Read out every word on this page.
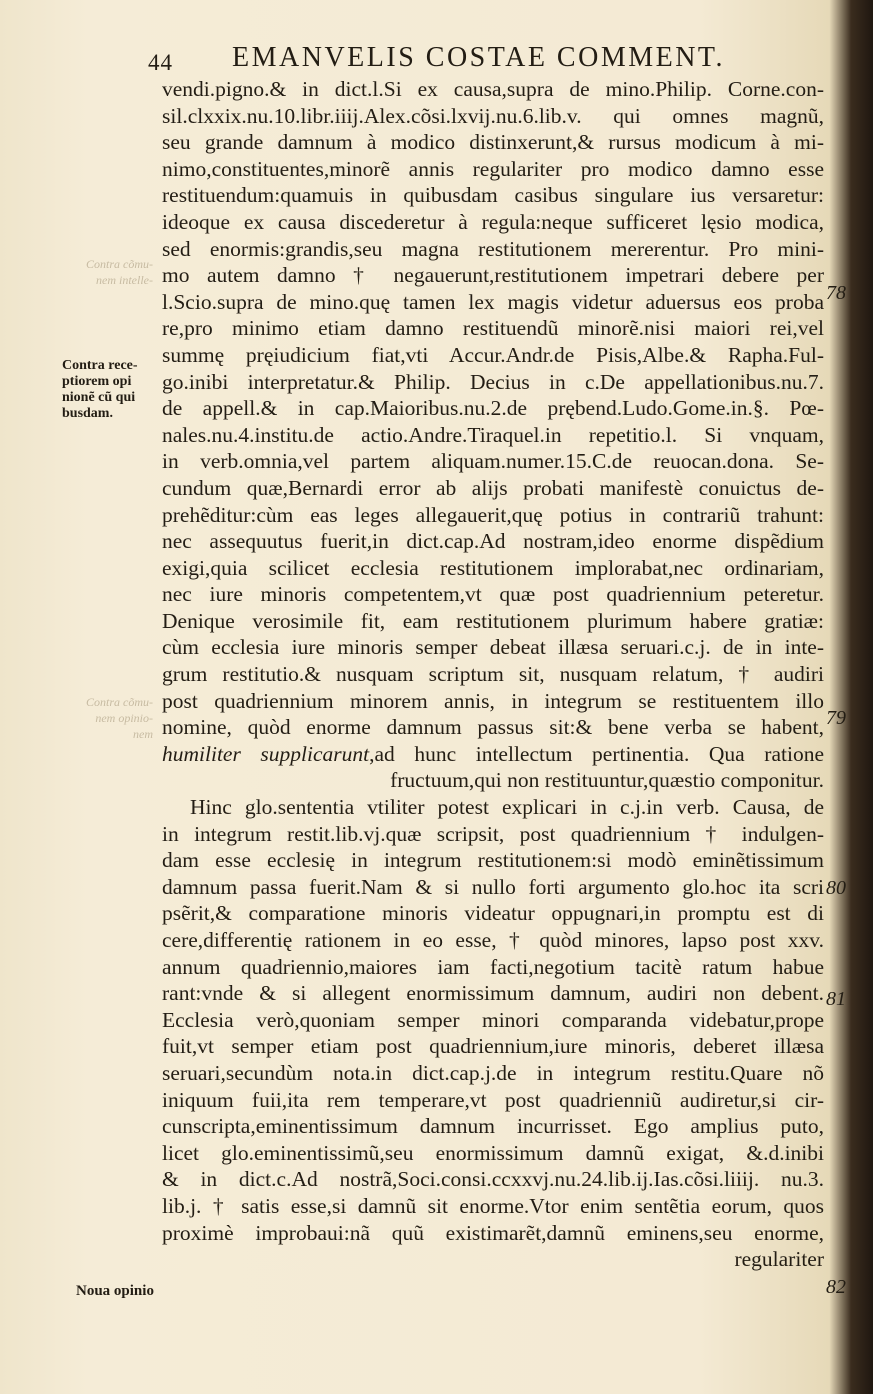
Contra cõmu-nem intelle-
Contra cõmu-nem opinio-nem
44 EMANVELIS COSTAE COMMENT.
vendi.pigno.& in dict.l.Si ex causa,supra de mino.Philip. Corne.con-
sil.clxxix.nu.10.libr.iiij.Alex.cõsi.lxvij.nu.6.lib.v. qui omnes magnũ,
seu grande damnum à modico distinxerunt,& rursus modicum à mi-
nimo,constituentes,minorẽ annis regulariter pro modico damno esse
restituendum:quamuis in quibusdam casibus singulare ius versaretur:
ideoque ex causa discederetur à regula:neque sufficeret lęsio modica,
sed enormis:grandis,seu magna restitutionem mererentur. Pro mini-
mo autem damno † negauerunt,restitutionem impetrari debere per
l.Scio.supra de mino.quę tamen lex magis videtur aduersus eos proba
re,pro minimo etiam damno restituendũ minorẽ.nisi maiori rei,vel
summę pręiudicium fiat,vti Accur.Andr.de Pisis,Albe.& Rapha.Ful-
go.inibi interpretatur.& Philip. Decius in c.De appellationibus.nu.7.
de appell.& in cap.Maioribus.nu.2.de prębend.Ludo.Gome.in.§. Pœ-
nales.nu.4.institu.de actio.Andre.Tiraquel.in repetitio.l. Si vnquam,
in verb.omnia,vel partem aliquam.numer.15.C.de reuocan.dona. Se-
cundum quæ,Bernardi error ab alijs probati manifestè conuictus de-
prehẽditur:cùm eas leges allegauerit,quę potius in contrariũ trahunt:
nec assequutus fuerit,in dict.cap.Ad nostram,ideo enorme dispẽdium
exigi,quia scilicet ecclesia restitutionem implorabat,nec ordinariam,
nec iure minoris competentem,vt quæ post quadriennium peteretur.
Denique verosimile fit, eam restitutionem plurimum habere gratiæ:
cùm ecclesia iure minoris semper debeat illæsa seruari.c.j. de in inte-
grum restitutio.& nusquam scriptum sit, nusquam relatum, † audiri
post quadriennium minorem annis, in integrum se restituentem illo
nomine, quòd enorme damnum passus sit:& bene verba se habent,
humiliter supplicarunt,ad hunc intellectum pertinentia. Qua ratione
fructuum,qui non restituuntur,quæstio componitur.
Hinc glo.sententia vtiliter potest explicari in c.j.in verb. Causa, de
in integrum restit.lib.vj.quæ scripsit, post quadriennium † indulgen-
dam esse ecclesię in integrum restitutionem:si modò eminẽtissimum
damnum passa fuerit.Nam & si nullo forti argumento glo.hoc ita scri
psẽrit,& comparatione minoris videatur oppugnari,in promptu est di
cere,differentię rationem in eo esse, † quòd minores, lapso post xxv.
annum quadriennio,maiores iam facti,negotium tacitè ratum habue
rant:vnde & si allegent enormissimum damnum, audiri non debent.
Ecclesia verò,quoniam semper minori comparanda videbatur,prope
fuit,vt semper etiam post quadriennium,iure minoris, deberet illæsa
seruari,secundùm nota.in dict.cap.j.de in integrum restitu.Quare nõ
iniquum fuii,ita rem temperare,vt post quadrienniũ audiretur,si cir-
cunscripta,eminentissimum damnum incurrisset. Ego amplius puto,
licet glo.eminentissimũ,seu enormissimum damnũ exigat, &.d.inibi
& in dict.c.Ad nostrã,Soci.consi.ccxxvj.nu.24.lib.ij.Ias.cõsi.liiij. nu.3.
lib.j. † satis esse,si damnũ sit enorme.Vtor enim sentẽtia eorum, quos
proximè improbaui:nã quũ existimarẽt,damnũ eminens,seu enorme,
regulariter
Contra rece-ptiorem opi nionẽ cũ qui busdam.
Noua opinio
78
79
80
81
82
